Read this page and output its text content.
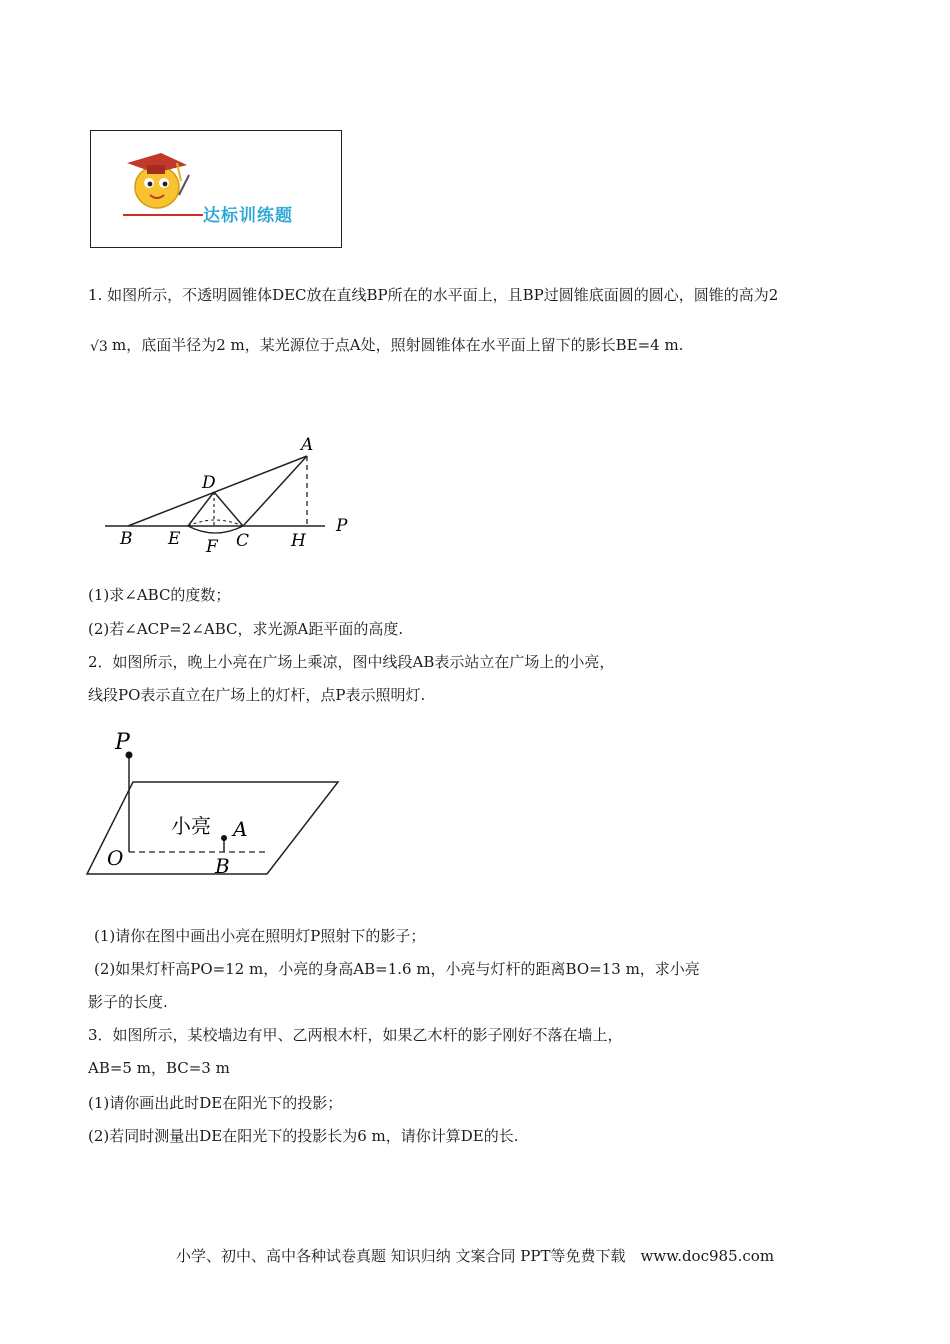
达标训练题
1. 如图所示，不透明圆锥体DEC放在直线BP所在的水平面上，且BP过圆锥底面圆的圆心，圆锥的高为2
√3 m，底面半径为2 m，某光源位于点A处，照射圆锥体在水平面上留下的影长BE=4 m.
A
D
P
B E F C H
(1)求∠ABC的度数；
(2)若∠ACP=2∠ABC，求光源A距平面的高度.
2．如图所示，晚上小亮在广场上乘凉，图中线段AB表示站立在广场上的小亮，
线段PO表示直立在广场上的灯杆，点P表示照明灯.
P
小亮 A
O	B
(1)请你在图中画出小亮在照明灯P照射下的影子；
(2)如果灯杆高PO=12 m，小亮的身高AB=1.6 m，小亮与灯杆的距离BO=13 m，求小亮
影子的长度.
3．如图所示，某校墙边有甲、乙两根木杆，如果乙木杆的影子刚好不落在墙上，
AB=5 m，BC=3 m
(1)请你画出此时DE在阳光下的投影；
(2)若同时测量出DE在阳光下的投影长为6 m，请你计算DE的长.
小学、初中、高中各种试卷真题 知识归纳 文案合同 PPT等免费下载　www.doc985.com
